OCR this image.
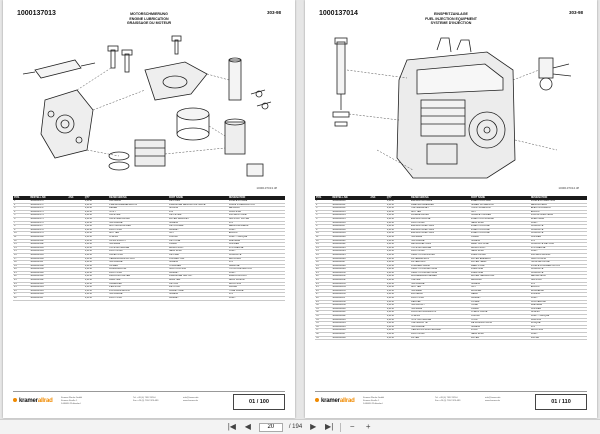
1000137013	303-98
MOTORSCHMIERUNG
ENGINE LUBRICATION
GRAISSAGE DU MOTEUR
1000137013.tiff
POS.	BESTELL-NR.	ANZ.	QTY	BEZEICHNUNG	PART NAME	DESIGNATION
1	1000001570		1,00 st	OLPUMPE	OIL PUMP	POMPE A HUILE
2	1000001571		1,00 st	PRESSURREGELVENTIL	PRESSURE REGULATOR VALVE	VALVE D REGULATION
3	1000001572		1,00 st	FEDER	SPRING	RESSORT
4	1000001573		1,00 st	STIFT	PIN	GOUPILLE
5	1000001574		1,00 st	OLFILTER	OIL FILTER	FILTRE A HUILE
6	1000001575		1,00 st	OLFILTERHALTER	FILTER BRACKET	SUPPORT FILTRE
7	1000001576		1,00 st	SCHRAUBE	SCREW	VIS
8	1000001577		1,00 st	MOTOROLKUHLER	OIL COOLER	REFROIDISSEUR
9	1000001578		1,00 st	DICHTUNG	GASKET	JOINT
10	1000001579		1,00 st	MUTTER	NUT	ECROU
11	1000001580		1,00 st	O-RING	O-RING	JOINT TORIQUE
12	1000001581		1,00 st	OLSCHLAUCH	OIL HOSE	FLEXIBLE
13	1000001582		1,00 st	SCHELLE	CLAMP	COLLIER
14	1000001583		1,00 st	HOHLSCHRAUBE	BANJO BOLT	VIS CREUSE
15	1000001584		1,00 st	DICHTRING	SEAL RING	JOINT
16	1000001585		1,00 st	OLLEITUNG	OIL LINE	CONDUITE
17	1000001586		1,00 st	VERBINDUNGSSTUCK	CONNECTOR	RACCORD
18	1000001587		1,00 st	SCHRAUBE	SCREW	VIS
19	1000001588		1,00 st	OLSIEB	STRAINER	CREPINE
20	1000001589		1,00 st	ANSAUGROHR	SUCTION PIPE	TUYAU ASPIRATION
21	1000001590		1,00 st	DICHTUNG	GASKET	JOINT
22	1000001591		1,00 st	DRUCKSCHALTER	PRESSURE SWITCH	MANOCONTACT
23	1000001592		1,00 st	ADAPTER	ADAPTER	ADAPTATEUR
24	1000001593		1,00 st	OLDECKEL	OIL CAP	BOUCHON
25	1000001594		1,00 st	PEILSTAB	DIPSTICK	JAUGE
26	1000001595		1,00 st	FUHRUNGSROHR	GUIDE TUBE	TUBE GUIDE
27	1000001596		1,00 st	SCHRAUBE	SCREW	VIS
28	1000001597		1,00 st	DICHTUNG	GASKET	JOINT
kramerallrad	Kramer-Werke GmbH
Kramer-Straße 1
D-88630 Pfullendorf
Tel. +49 (0) 7552 929-0
Fax +49 (0) 7552 929-499
info@kramer.de
www.kramer.de	01 / 100
1000137014	303-98
EINSPRITZANLAGE
FUEL INJECTION EQUIPMENT
SYSTEME D'INJECTION
1000137014.tiff
POS.	BESTELL-NR.	ANZ.	QTY	BEZEICHNUNG	PART NAME	DESIGNATION
1	1000001610		1,00 st	EINSPRITZPUMPE	INJECTION PUMP	POMPE D INJECTION
2	1000001611		1,00 st	DREHZAHLREGLER	SPEED GOVERNOR	REGULATEUR
3	1000001612		1,00 st	HALTEMAGNET	HOLD SOLENOID	ELECTROAIMANT
4	1000001613		1,00 st	MUTTER	NUT	ECROU
5	1000001614		1,00 st	DUSENHALTER	NOZZLE HOLDER	PORTE INJECTEUR
6	1000001615		1,00 st	EINSPRITZDUSE	INJECTION NOZZLE	INJECTEUR
7	1000001616		1,00 st	DICHTRING	SEAL RING	JOINT
8	1000001617		1,00 st	EINSPRITZLEITUNG	INJECTION LINE	CONDUITE
9	1000001618		1,00 st	EINSPRITZLEITUNG	INJECTION LINE	CONDUITE
10	1000001619		1,00 st	EINSPRITZLEITUNG	INJECTION LINE	CONDUITE
11	1000001620		1,00 st	SCHELLE	CLAMP	COLLIER
12	1000001621		1,00 st	SCHRAUBE	SCREW	VIS
13	1000001622		1,00 st	LECKOLLEITUNG	LEAK OFF LINE	CONDUITE RETOUR
14	1000001623		1,00 st	HOHLSCHRAUBE	BANJO BOLT	VIS CREUSE
15	1000001624		1,00 st	DICHTRING	SEAL RING	JOINT
16	1000001625		1,00 st	KRAFTSTOFFFILTER	FUEL FILTER	FILTRE A GASOIL
17	1000001626		1,00 st	FILTEREINSATZ	FILTER ELEMENT	CARTOUCHE
18	1000001627		1,00 st	FILTERKOPF	FILTER HEAD	TETE DE FILTRE
19	1000001628		1,00 st	FORDERPUMPE	FEED PUMP	POMPE D ALIMENTATION
20	1000001629		1,00 st	KRAFTSTOFFLEITUNG	FUEL LINE	CONDUITE
21	1000001630		1,00 st	KRAFTSTOFFLEITUNG	FUEL LINE	CONDUITE
22	1000001631		1,00 st	WASSERABSCHEIDER	WATER SEPARATOR	DECANTEUR
23	1000001632		1,00 st	HALTER	BRACKET	SUPPORT
24	1000001633		1,00 st	SCHRAUBE	SCREW	VIS
25	1000001634		1,00 st	MUTTER	NUT	ECROU
26	1000001635		1,00 st	SCHEIBE	WASHER	RONDELLE
27	1000001636		1,00 st	ZAHNRAD	GEAR	PIGNON
28	1000001637		1,00 st	DICHTUNG	GASKET	JOINT
29	1000001638		1,00 st	DECKEL	COVER	COUVERCLE
30	1000001639		1,00 st	SCHLAUCH	HOSE	FLEXIBLE
31	1000001640		1,00 st	SCHELLE	CLAMP	COLLIER
32	1000001641		1,00 st	RUCKSCHLAGVENTIL	CHECK VALVE	CLAPET
33	1000001642		1,00 st	O-RING	O-RING	JOINT TORIQUE
34	1000001643		1,00 st	STIFTSCHRAUBE	STUD	GOUJON
35	1000001644		1,00 st	HALTEPLATTE	RETAINING PLATE	PLAQUE
36	1000001645		1,00 st	SCHRAUBE	SCREW	VIS
37	1000001646		1,00 st	VERSCHLUSSSCHRAUBE	PLUG	BOUCHON
38	1000001647		1,00 st	DICHTRING	SEAL RING	JOINT
39	1000001648		1,00 st	FILTER	FILTER	FILTRE
kramerallrad	Kramer-Werke GmbH
Kramer-Straße 1
D-88630 Pfullendorf
Tel. +49 (0) 7552 929-0
Fax +49 (0) 7552 929-499
info@kramer.de
www.kramer.de	01 / 110
|◀ ◀
20	/ 194 ▶ ▶|	−	+
